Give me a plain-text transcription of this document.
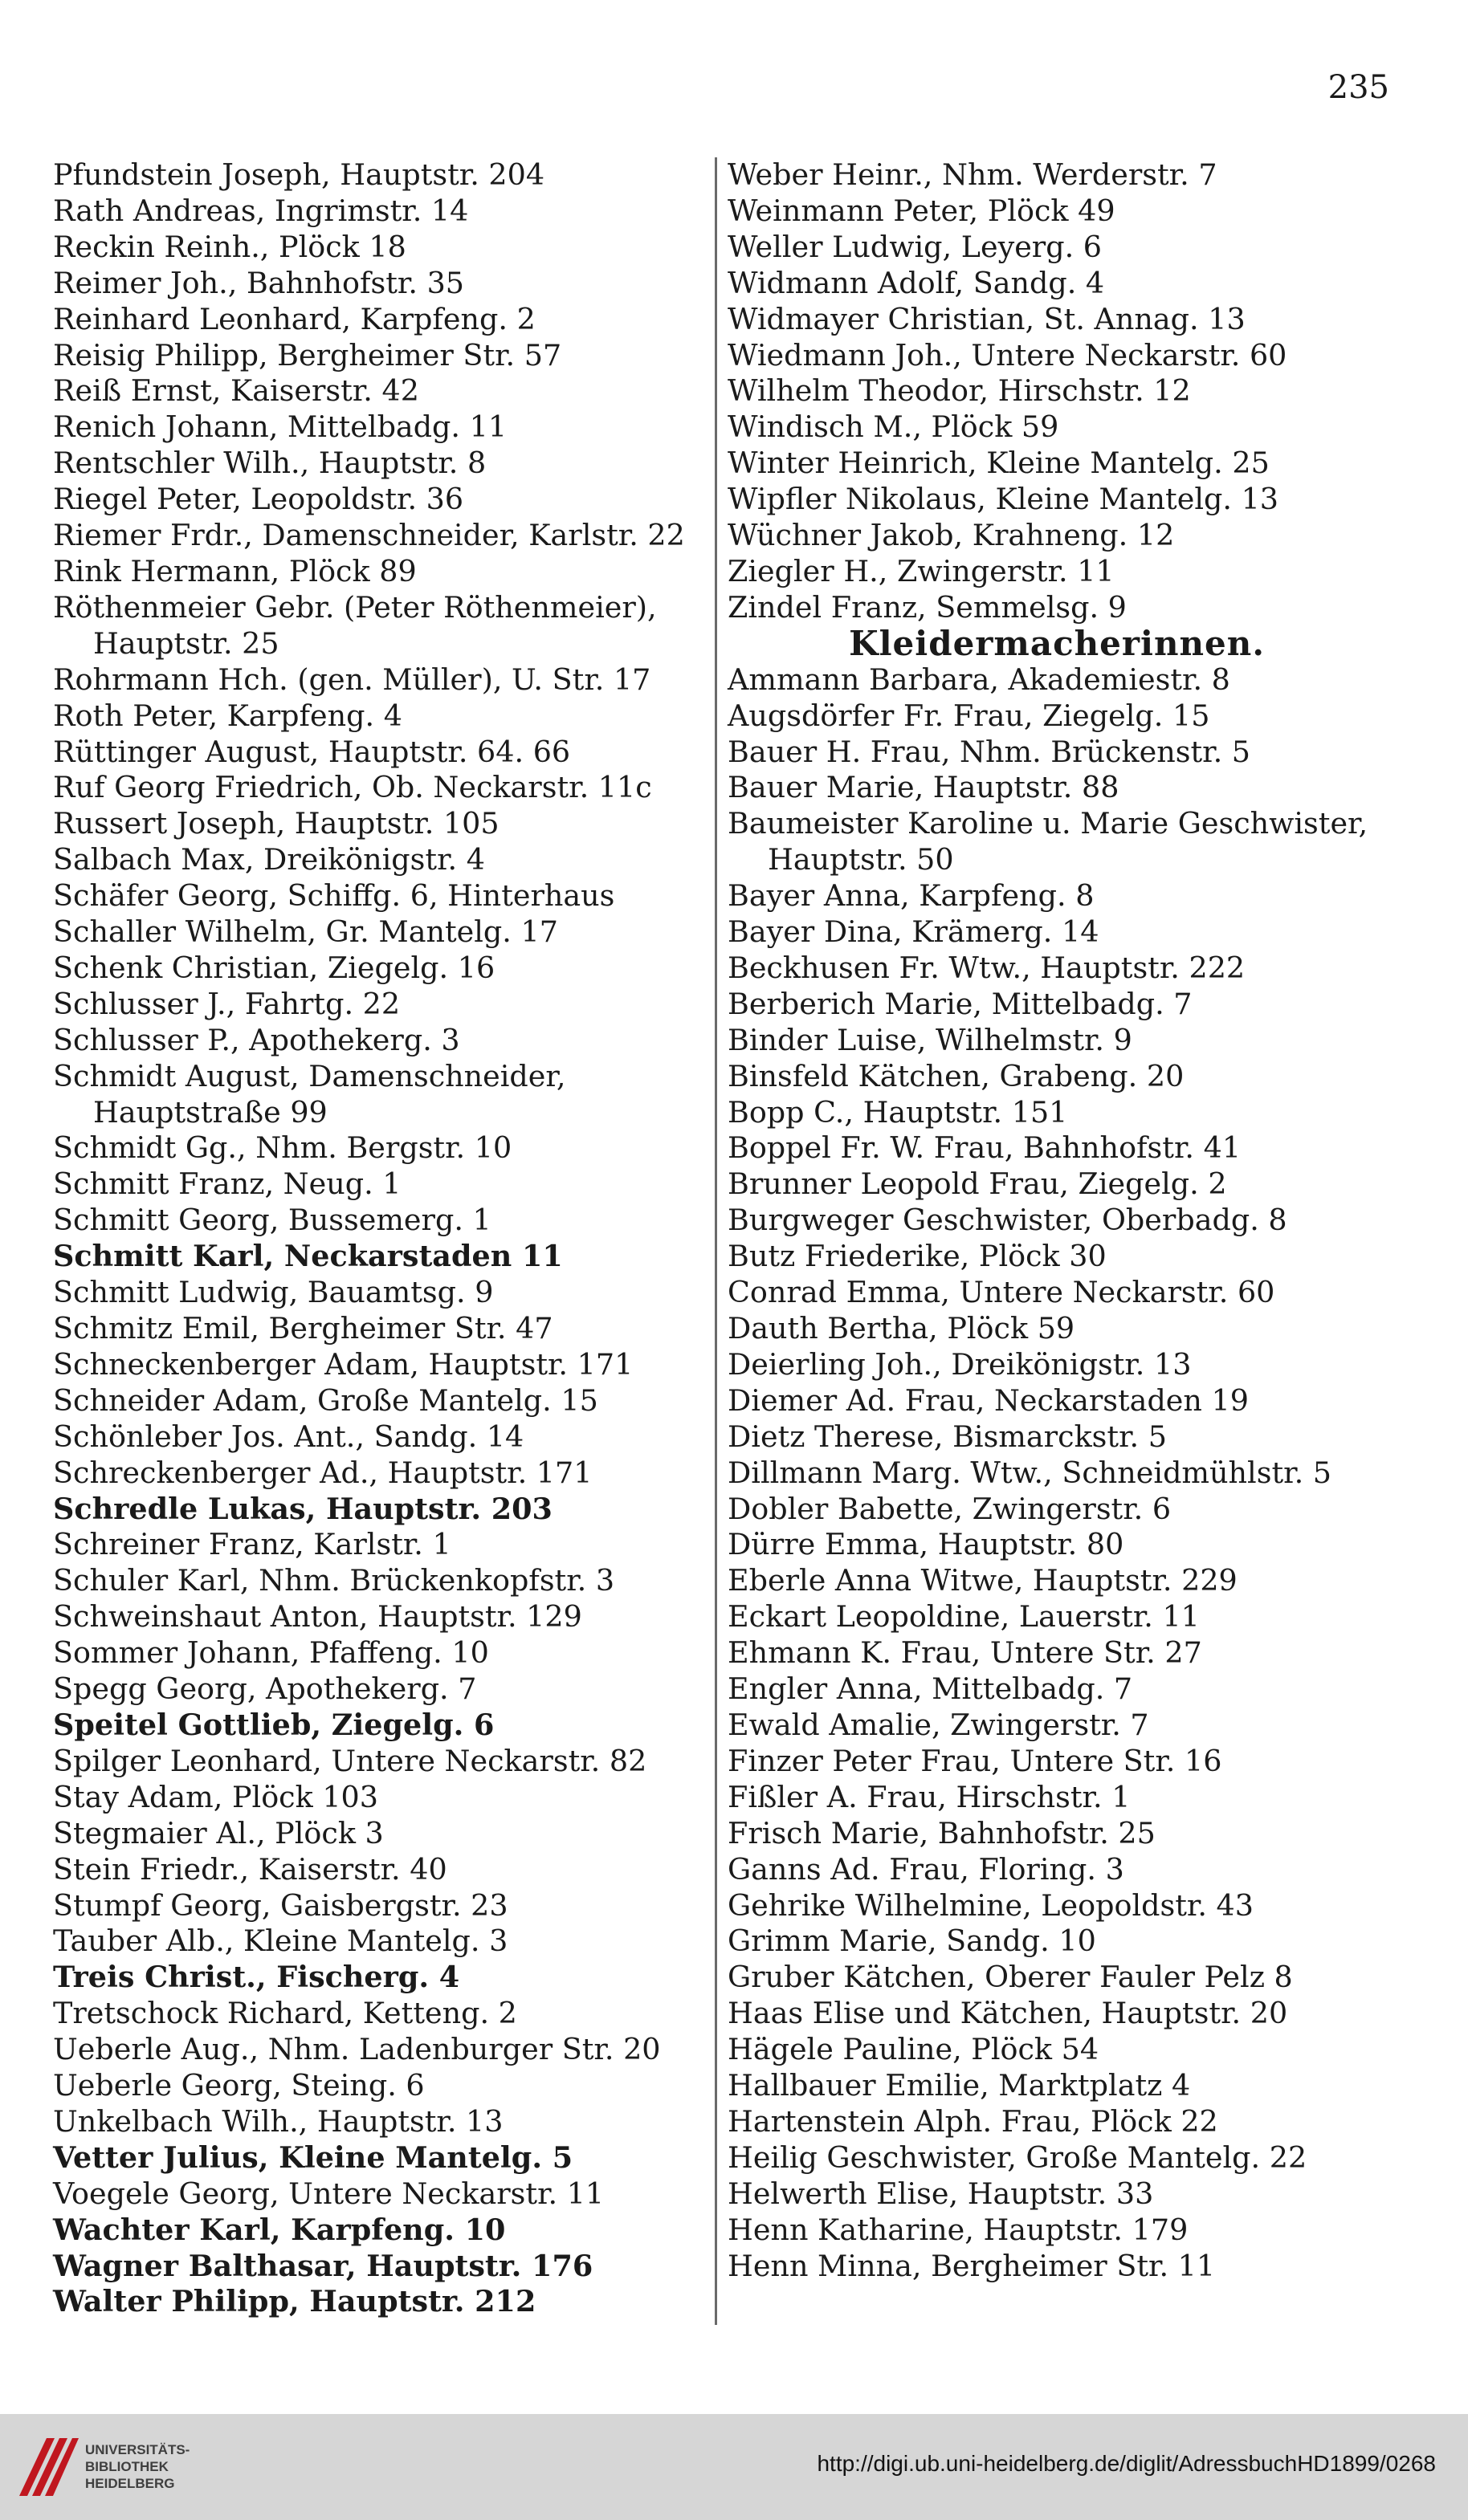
235
Pfundstein Joseph, Hauptstr. 204
Rath Andreas, Ingrimstr. 14
Reckin Reinh., Plöck 18
Reimer Joh., Bahnhofstr. 35
Reinhard Leonhard, Karpfeng. 2
Reisig Philipp, Bergheimer Str. 57
Reiß Ernst, Kaiserstr. 42
Renich Johann, Mittelbadg. 11
Rentschler Wilh., Hauptstr. 8
Riegel Peter, Leopoldstr. 36
Riemer Frdr., Damenschneider, Karlstr. 22
Rink Hermann, Plöck 89
Röthenmeier Gebr. (Peter Röthenmeier), Hauptstr. 25
Rohrmann Hch. (gen. Müller), U. Str. 17
Roth Peter, Karpfeng. 4
Rüttinger August, Hauptstr. 64. 66
Ruf Georg Friedrich, Ob. Neckarstr. 11c
Russert Joseph, Hauptstr. 105
Salbach Max, Dreikönigstr. 4
Schäfer Georg, Schiffg. 6, Hinterhaus
Schaller Wilhelm, Gr. Mantelg. 17
Schenk Christian, Ziegelg. 16
Schlusser J., Fahrtg. 22
Schlusser P., Apothekerg. 3
Schmidt August, Damenschneider, Hauptstraße 99
Schmidt Gg., Nhm. Bergstr. 10
Schmitt Franz, Neug. 1
Schmitt Georg, Bussemerg. 1
Schmitt Karl, Neckarstaden 11
Schmitt Ludwig, Bauamtsg. 9
Schmitz Emil, Bergheimer Str. 47
Schneckenberger Adam, Hauptstr. 171
Schneider Adam, Große Mantelg. 15
Schönleber Jos. Ant., Sandg. 14
Schreckenberger Ad., Hauptstr. 171
Schredle Lukas, Hauptstr. 203
Schreiner Franz, Karlstr. 1
Schuler Karl, Nhm. Brückenkopfstr. 3
Schweinshaut Anton, Hauptstr. 129
Sommer Johann, Pfaffeng. 10
Spegg Georg, Apothekerg. 7
Speitel Gottlieb, Ziegelg. 6
Spilger Leonhard, Untere Neckarstr. 82
Stay Adam, Plöck 103
Stegmaier Al., Plöck 3
Stein Friedr., Kaiserstr. 40
Stumpf Georg, Gaisbergstr. 23
Tauber Alb., Kleine Mantelg. 3
Treis Christ., Fischerg. 4
Tretschock Richard, Ketteng. 2
Ueberle Aug., Nhm. Ladenburger Str. 20
Ueberle Georg, Steing. 6
Unkelbach Wilh., Hauptstr. 13
Vetter Julius, Kleine Mantelg. 5
Voegele Georg, Untere Neckarstr. 11
Wachter Karl, Karpfeng. 10
Wagner Balthasar, Hauptstr. 176
Walter Philipp, Hauptstr. 212
Weber Heinr., Nhm. Werderstr. 7
Weinmann Peter, Plöck 49
Weller Ludwig, Leyerg. 6
Widmann Adolf, Sandg. 4
Widmayer Christian, St. Annag. 13
Wiedmann Joh., Untere Neckarstr. 60
Wilhelm Theodor, Hirschstr. 12
Windisch M., Plöck 59
Winter Heinrich, Kleine Mantelg. 25
Wipfler Nikolaus, Kleine Mantelg. 13
Wüchner Jakob, Krahneng. 12
Ziegler H., Zwingerstr. 11
Zindel Franz, Semmelsg. 9
Kleidermacherinnen.
Ammann Barbara, Akademiestr. 8
Augsdörfer Fr. Frau, Ziegelg. 15
Bauer H. Frau, Nhm. Brückenstr. 5
Bauer Marie, Hauptstr. 88
Baumeister Karoline u. Marie Geschwister, Hauptstr. 50
Bayer Anna, Karpfeng. 8
Bayer Dina, Krämerg. 14
Beckhusen Fr. Wtw., Hauptstr. 222
Berberich Marie, Mittelbadg. 7
Binder Luise, Wilhelmstr. 9
Binsfeld Kätchen, Grabeng. 20
Bopp C., Hauptstr. 151
Boppel Fr. W. Frau, Bahnhofstr. 41
Brunner Leopold Frau, Ziegelg. 2
Burgweger Geschwister, Oberbadg. 8
Butz Friederike, Plöck 30
Conrad Emma, Untere Neckarstr. 60
Dauth Bertha, Plöck 59
Deierling Joh., Dreikönigstr. 13
Diemer Ad. Frau, Neckarstaden 19
Dietz Therese, Bismarckstr. 5
Dillmann Marg. Wtw., Schneidmühlstr. 5
Dobler Babette, Zwingerstr. 6
Dürre Emma, Hauptstr. 80
Eberle Anna Witwe, Hauptstr. 229
Eckart Leopoldine, Lauerstr. 11
Ehmann K. Frau, Untere Str. 27
Engler Anna, Mittelbadg. 7
Ewald Amalie, Zwingerstr. 7
Finzer Peter Frau, Untere Str. 16
Fißler A. Frau, Hirschstr. 1
Frisch Marie, Bahnhofstr. 25
Ganns Ad. Frau, Floring. 3
Gehrike Wilhelmine, Leopoldstr. 43
Grimm Marie, Sandg. 10
Gruber Kätchen, Oberer Fauler Pelz 8
Haas Elise und Kätchen, Hauptstr. 20
Hägele Pauline, Plöck 54
Hallbauer Emilie, Marktplatz 4
Hartenstein Alph. Frau, Plöck 22
Heilig Geschwister, Große Mantelg. 22
Helwerth Elise, Hauptstr. 33
Henn Katharine, Hauptstr. 179
Henn Minna, Bergheimer Str. 11
UNIVERSITÄTS-
BIBLIOTHEK
HEIDELBERG
http://digi.ub.uni-heidelberg.de/diglit/AdressbuchHD1899/0268
